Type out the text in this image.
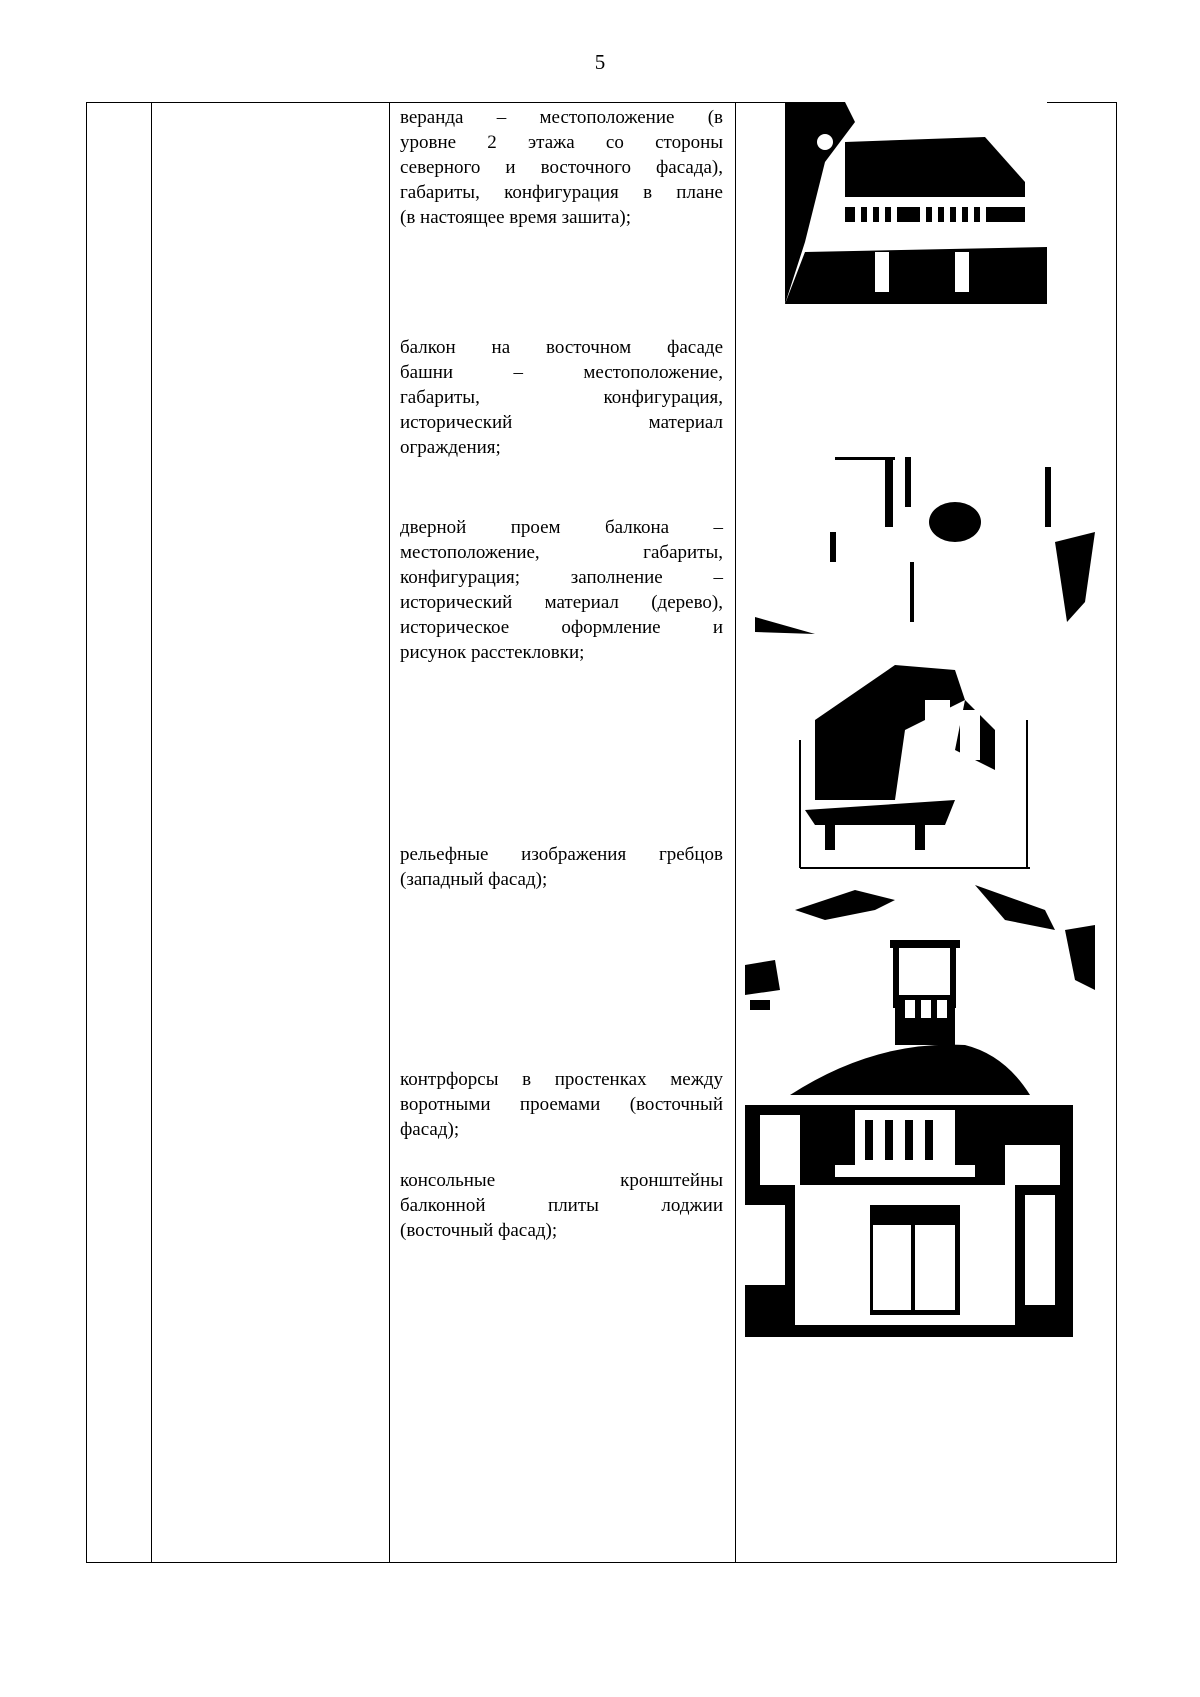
5
веранда – местоположение (в
уровне 2 этажа со стороны
северного и восточного фасада),
габариты, конфигурация в плане
(в настоящее время зашита);
балкон на восточном фасаде
башни – местоположение,
габариты, конфигурация,
исторический материал
ограждения;
дверной проем балкона –
местоположение, габариты,
конфигурация; заполнение –
исторический материал (дерево),
историческое оформление и
рисунок расстекловки;
рельефные изображения гребцов
(западный фасад);
контрфорсы в простенках между
воротными проемами (восточный
фасад);
консольные кронштейны
балконной плиты лоджии
(восточный фасад);
